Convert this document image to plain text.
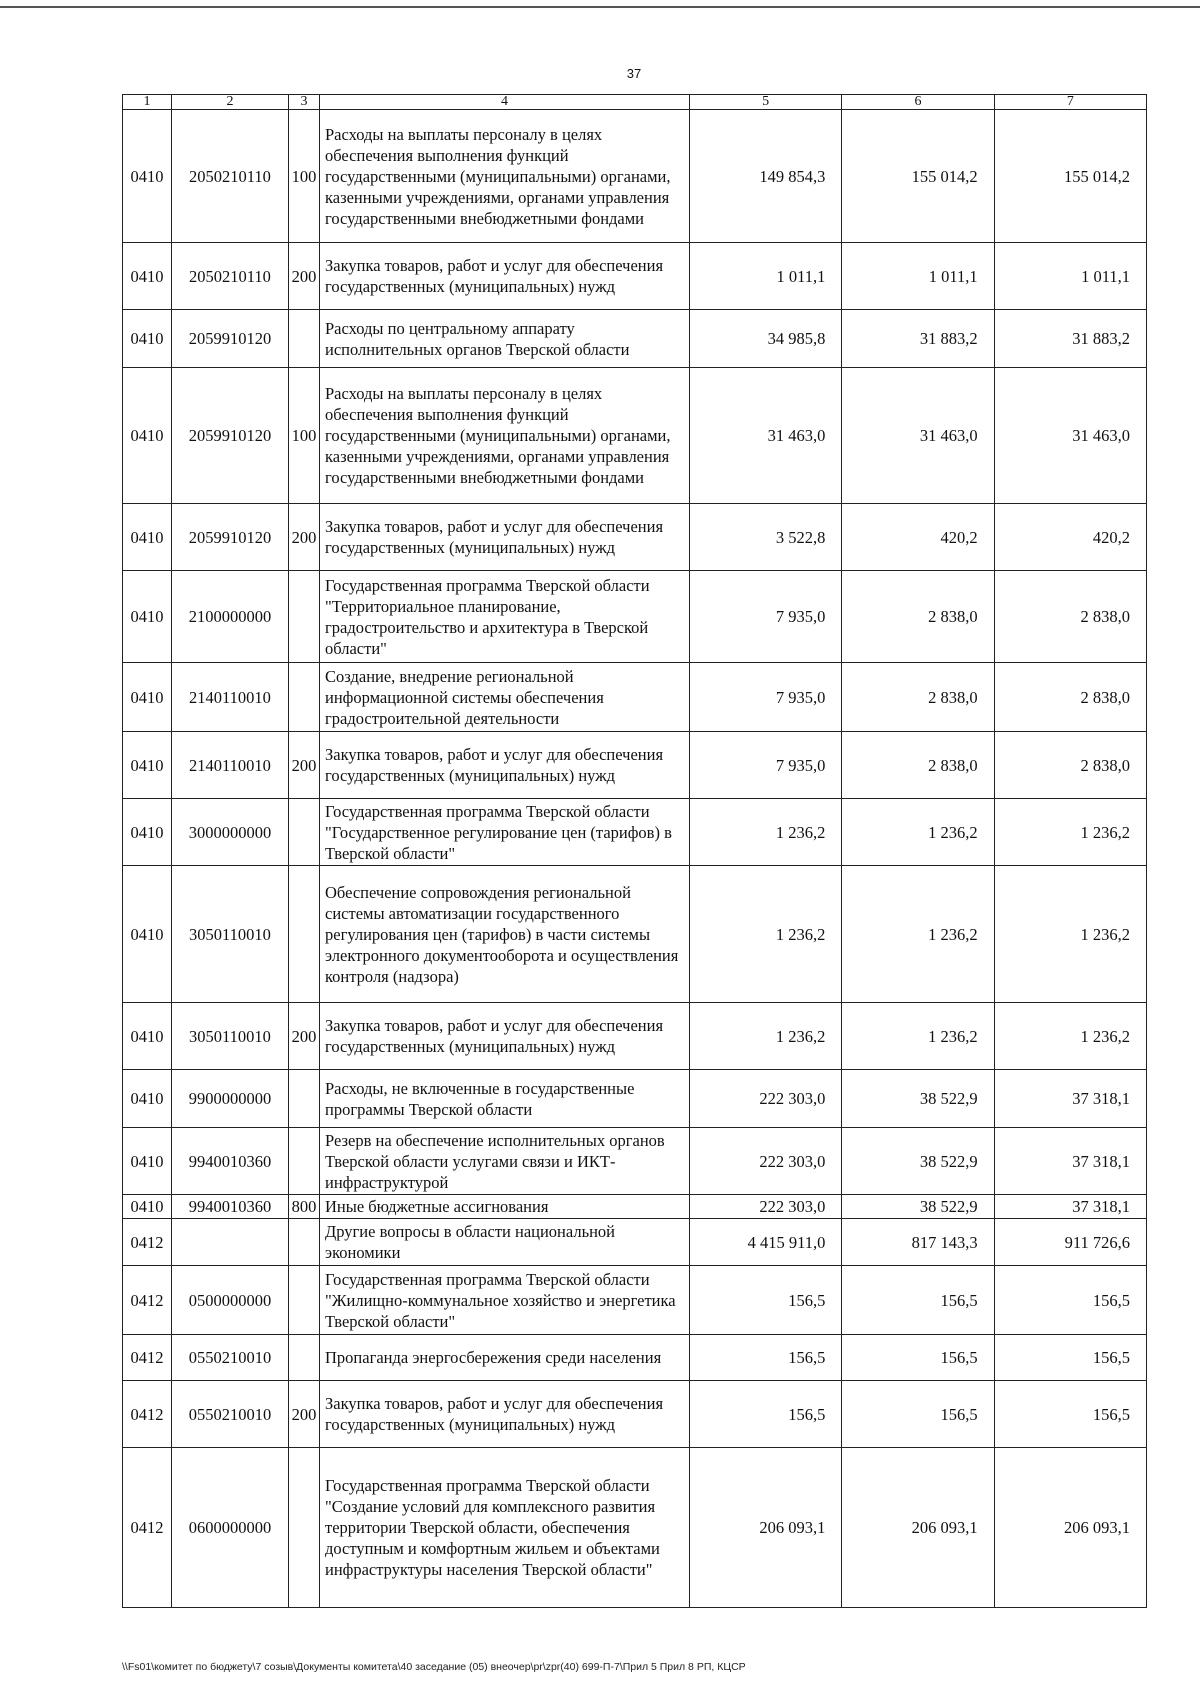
37
1	2	3	4	5	6	7
0410	2050210110	100	Расходы на выплаты персоналу в целях обеспечения выполнения функций государственными (муниципальными) органами, казенными учреждениями, органами управления государственными внебюджетными фондами	149 854,3	155 014,2	155 014,2
0410	2050210110	200	Закупка товаров, работ и услуг для обеспечения государственных (муниципальных) нужд	1 011,1	1 011,1	1 011,1
0410	2059910120		Расходы по центральному аппарату исполнительных органов Тверской области	34 985,8	31 883,2	31 883,2
0410	2059910120	100	Расходы на выплаты персоналу в целях обеспечения выполнения функций государственными (муниципальными) органами, казенными учреждениями, органами управления государственными внебюджетными фондами	31 463,0	31 463,0	31 463,0
0410	2059910120	200	Закупка товаров, работ и услуг для обеспечения государственных (муниципальных) нужд	3 522,8	420,2	420,2
0410	2100000000		Государственная программа Тверской области "Территориальное планирование, градостроительство и архитектура в Тверской области"	7 935,0	2 838,0	2 838,0
0410	2140110010		Создание, внедрение региональной информационной системы обеспечения градостроительной деятельности	7 935,0	2 838,0	2 838,0
0410	2140110010	200	Закупка товаров, работ и услуг для обеспечения государственных (муниципальных) нужд	7 935,0	2 838,0	2 838,0
0410	3000000000		Государственная программа Тверской области "Государственное регулирование цен (тарифов) в Тверской области"	1 236,2	1 236,2	1 236,2
0410	3050110010		Обеспечение сопровождения региональной системы автоматизации государственного регулирования цен (тарифов) в части системы электронного документооборота и осуществления контроля (надзора)	1 236,2	1 236,2	1 236,2
0410	3050110010	200	Закупка товаров, работ и услуг для обеспечения государственных (муниципальных) нужд	1 236,2	1 236,2	1 236,2
0410	9900000000		Расходы, не включенные в государственные программы Тверской области	222 303,0	38 522,9	37 318,1
0410	9940010360		Резерв на обеспечение исполнительных органов Тверской области услугами связи и ИКТ-инфраструктурой	222 303,0	38 522,9	37 318,1
0410	9940010360	800	Иные бюджетные ассигнования	222 303,0	38 522,9	37 318,1
0412			Другие вопросы в области национальной экономики	4 415 911,0	817 143,3	911 726,6
0412	0500000000		Государственная программа Тверской области "Жилищно-коммунальное хозяйство и энергетика Тверской области"	156,5	156,5	156,5
0412	0550210010		Пропаганда энергосбережения среди населения	156,5	156,5	156,5
0412	0550210010	200	Закупка товаров, работ и услуг для обеспечения государственных (муниципальных) нужд	156,5	156,5	156,5
0412	0600000000		Государственная программа Тверской области "Создание условий для комплексного развития территории Тверской области, обеспечения доступным и комфортным жильем и объектами инфраструктуры населения Тверской области"	206 093,1	206 093,1	206 093,1
\\Fs01\комитет по бюджету\7 созыв\Документы комитета\40 заседание (05) внеочер\pr\zpr(40) 699-П-7\Прил 5 Прил 8 РП, КЦСР
